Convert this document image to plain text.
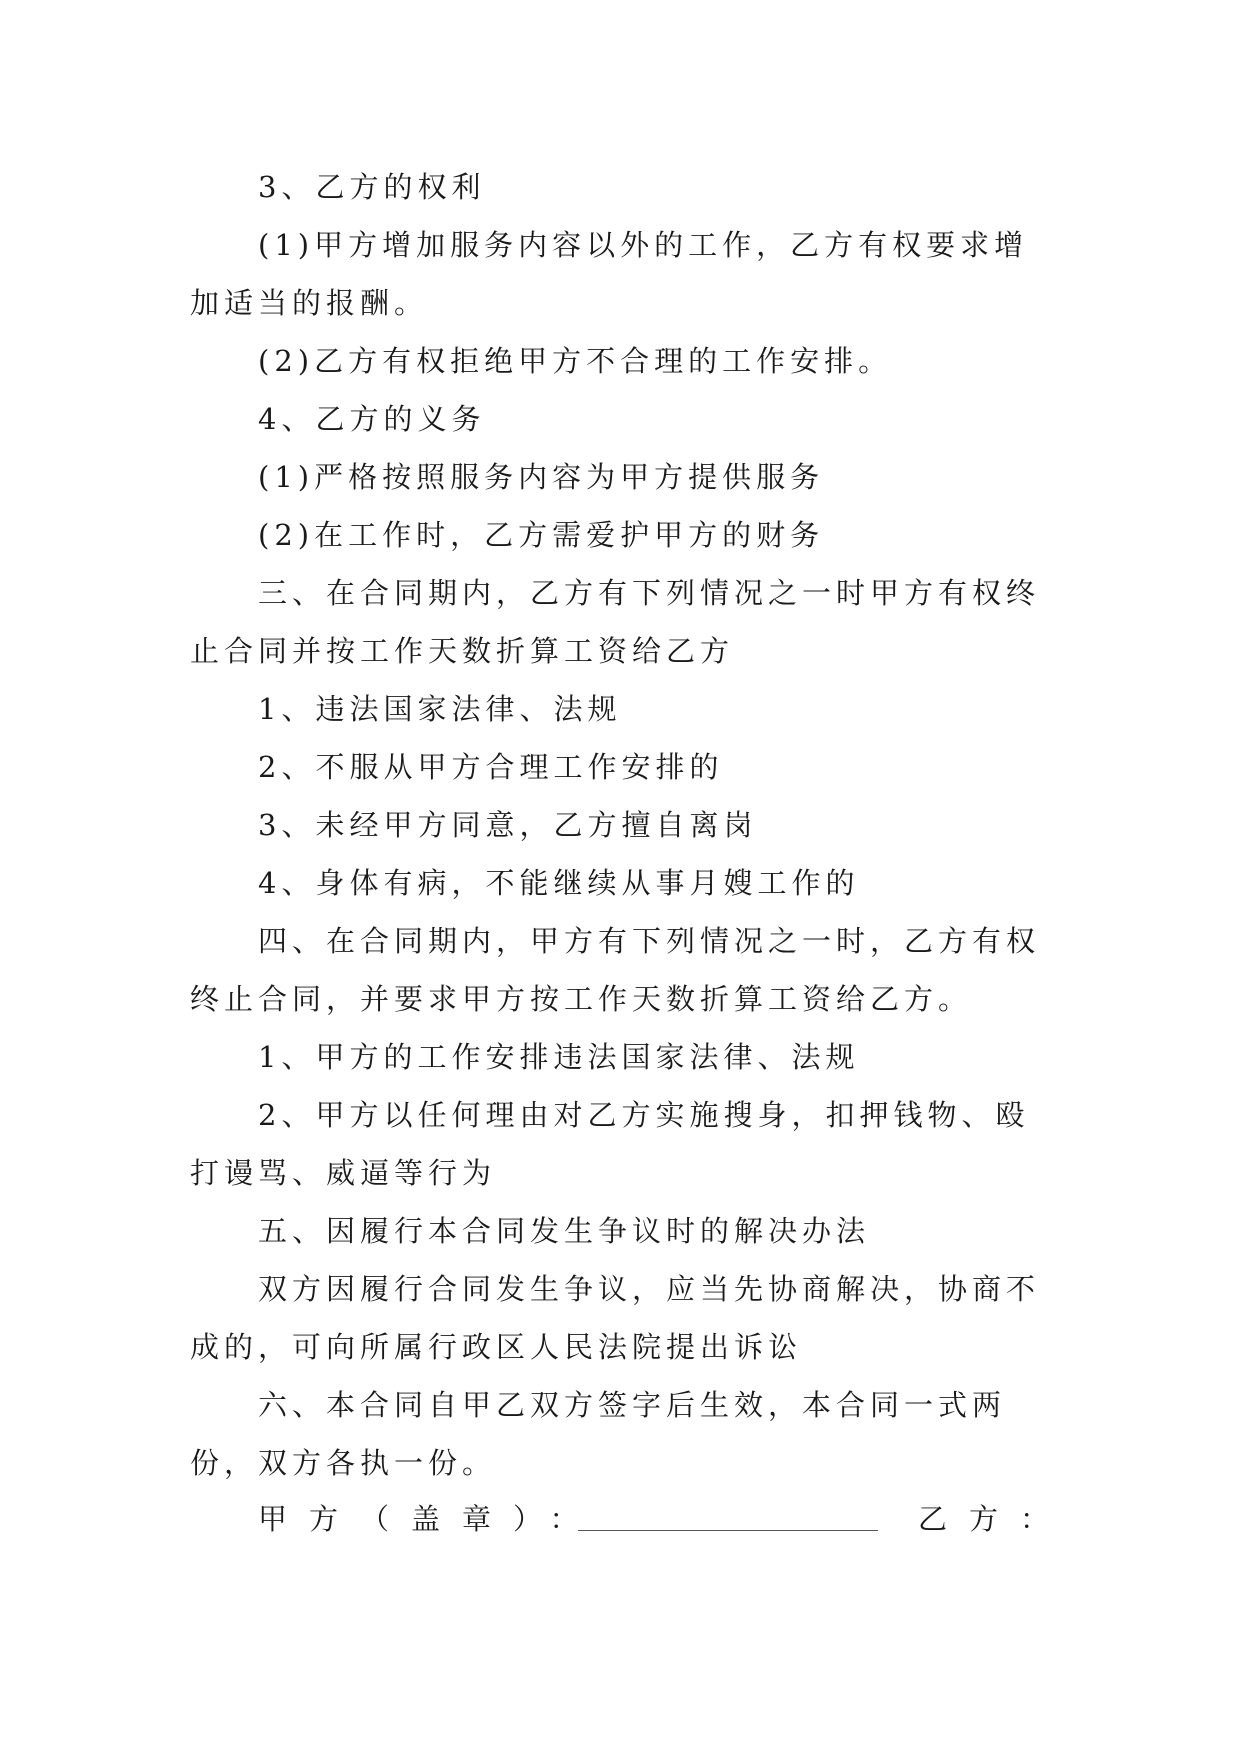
3、乙方的权利

(1)甲方增加服务内容以外的工作，乙方有权要求增加适当的报酬。

(2)乙方有权拒绝甲方不合理的工作安排。

4、乙方的义务

(1)严格按照服务内容为甲方提供服务

(2)在工作时，乙方需爱护甲方的财务

三、在合同期内，乙方有下列情况之一时甲方有权终止合同并按工作天数折算工资给乙方

1、违法国家法律、法规

2、不服从甲方合理工作安排的

3、未经甲方同意，乙方擅自离岗

4、身体有病，不能继续从事月嫂工作的

四、在合同期内，甲方有下列情况之一时，乙方有权终止合同，并要求甲方按工作天数折算工资给乙方。

1、甲方的工作安排违法国家法律、法规

2、甲方以任何理由对乙方实施搜身，扣押钱物、殴打谩骂、威逼等行为

五、因履行本合同发生争议时的解决办法

双方因履行合同发生争议，应当先协商解决，协商不成的，可向所属行政区人民法院提出诉讼

六、本合同自甲乙双方签字后生效，本合同一式两份，双方各执一份。

甲方（盖章）：	乙方：
